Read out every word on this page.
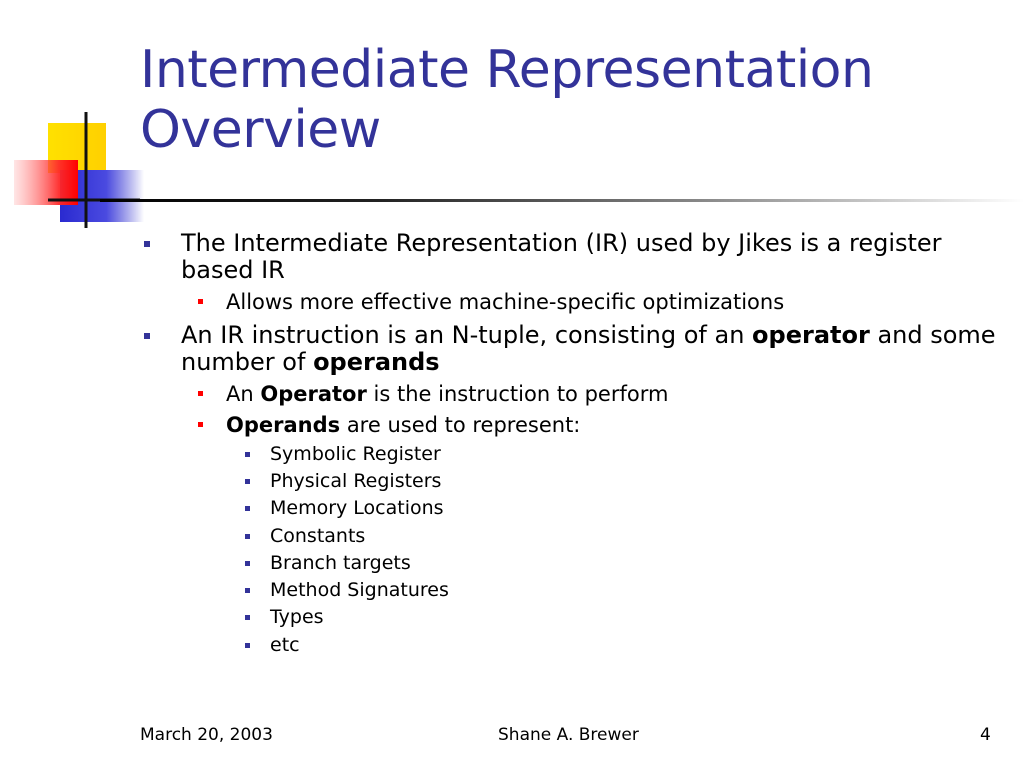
Intermediate Representation
Overview
The Intermediate Representation (IR) used by Jikes is a register based IR
Allows more effective machine-specific optimizations
An IR instruction is an N-tuple, consisting of an operator and some number of operands
An Operator is the instruction to perform
Operands are used to represent:
Symbolic Register
Physical Registers
Memory Locations
Constants
Branch targets
Method Signatures
Types
etc
March 20, 2003	Shane A. Brewer	4
